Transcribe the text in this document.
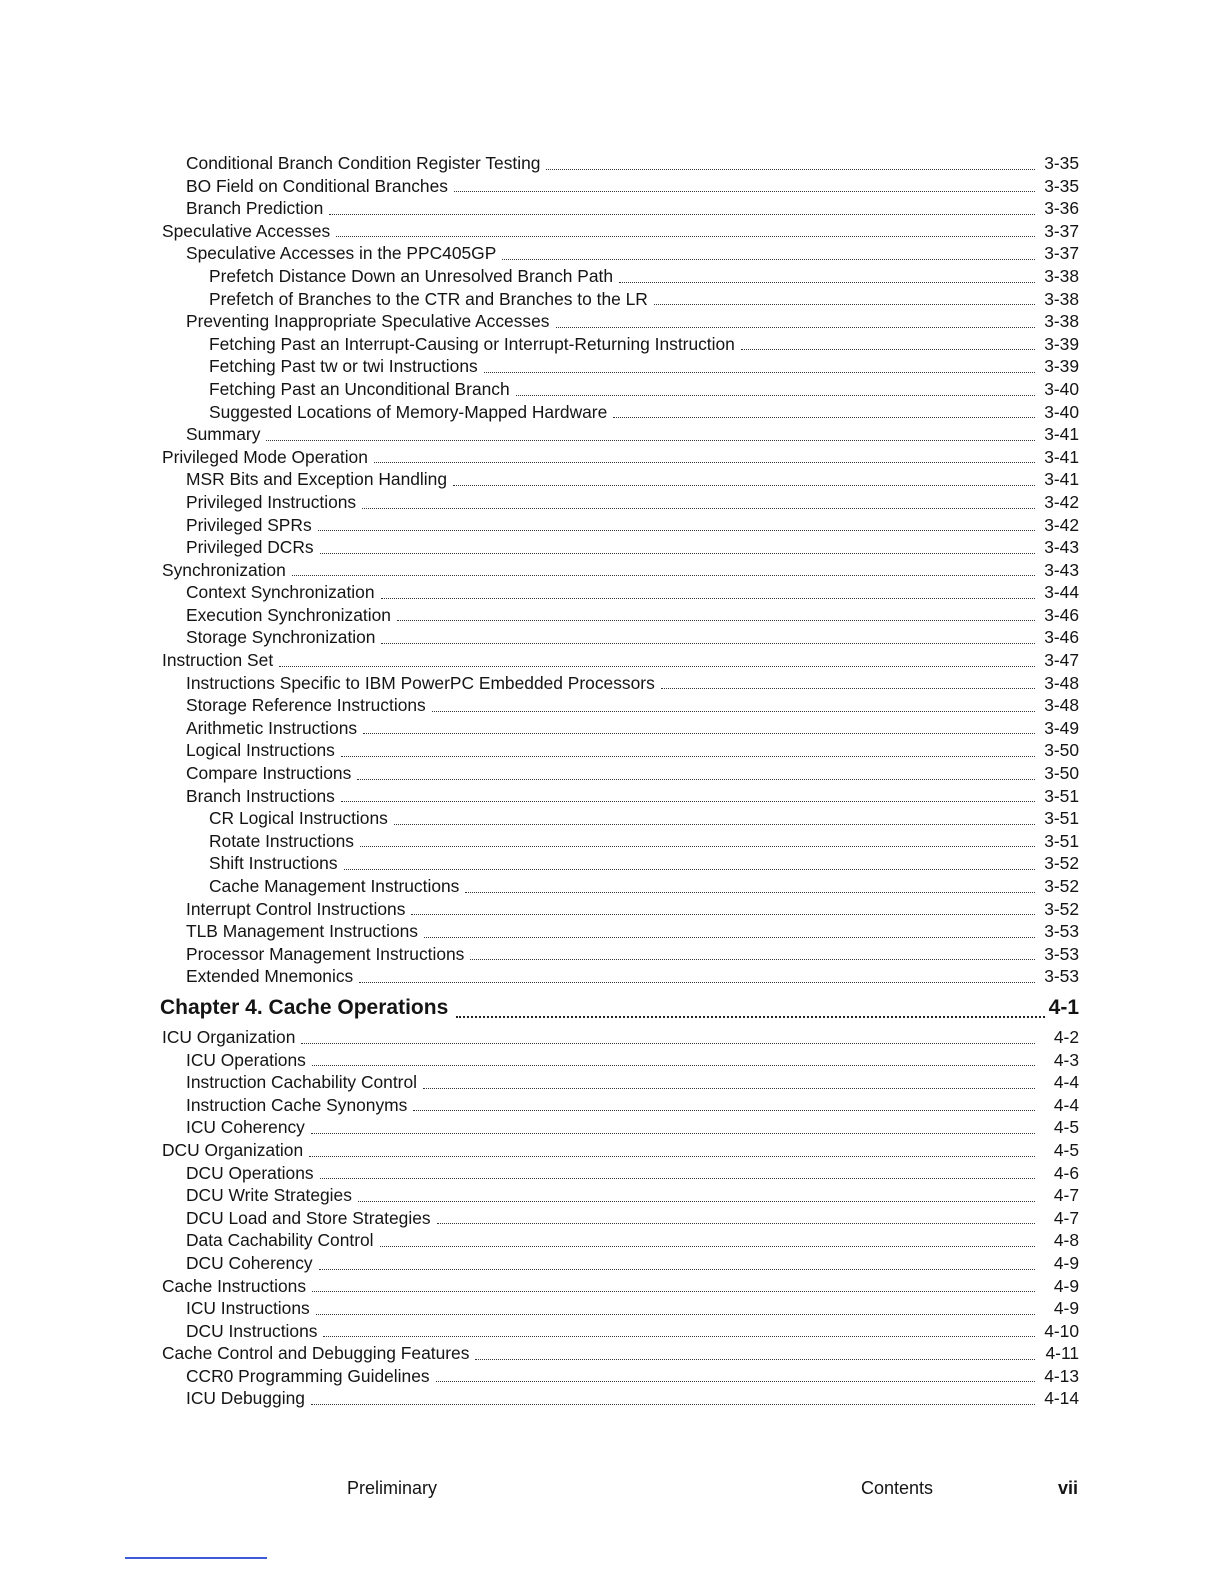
Conditional Branch Condition Register Testing	3-35
BO Field on Conditional Branches	3-35
Branch Prediction	3-36
Speculative Accesses	3-37
Speculative Accesses in the PPC405GP	3-37
Prefetch Distance Down an Unresolved Branch Path	3-38
Prefetch of Branches to the CTR and Branches to the LR	3-38
Preventing Inappropriate Speculative Accesses	3-38
Fetching Past an Interrupt-Causing or Interrupt-Returning Instruction	3-39
Fetching Past tw or twi Instructions	3-39
Fetching Past an Unconditional Branch	3-40
Suggested Locations of Memory-Mapped Hardware	3-40
Summary	3-41
Privileged Mode Operation	3-41
MSR Bits and Exception Handling	3-41
Privileged Instructions	3-42
Privileged SPRs	3-42
Privileged DCRs	3-43
Synchronization	3-43
Context Synchronization	3-44
Execution Synchronization	3-46
Storage Synchronization	3-46
Instruction Set	3-47
Instructions Specific to IBM PowerPC Embedded Processors	3-48
Storage Reference Instructions	3-48
Arithmetic Instructions	3-49
Logical Instructions	3-50
Compare Instructions	3-50
Branch Instructions	3-51
CR Logical Instructions	3-51
Rotate Instructions	3-51
Shift Instructions	3-52
Cache Management Instructions	3-52
Interrupt Control Instructions	3-52
TLB Management Instructions	3-53
Processor Management Instructions	3-53
Extended Mnemonics	3-53
Chapter 4. Cache Operations	4-1
ICU Organization	4-2
ICU Operations	4-3
Instruction Cachability Control	4-4
Instruction Cache Synonyms	4-4
ICU Coherency	4-5
DCU Organization	4-5
DCU Operations	4-6
DCU Write Strategies	4-7
DCU Load and Store Strategies	4-7
Data Cachability Control	4-8
DCU Coherency	4-9
Cache Instructions	4-9
ICU Instructions	4-9
DCU Instructions	4-10
Cache Control and Debugging Features	4-11
CCR0 Programming Guidelines	4-13
ICU Debugging	4-14
Preliminary	Contents	vii
